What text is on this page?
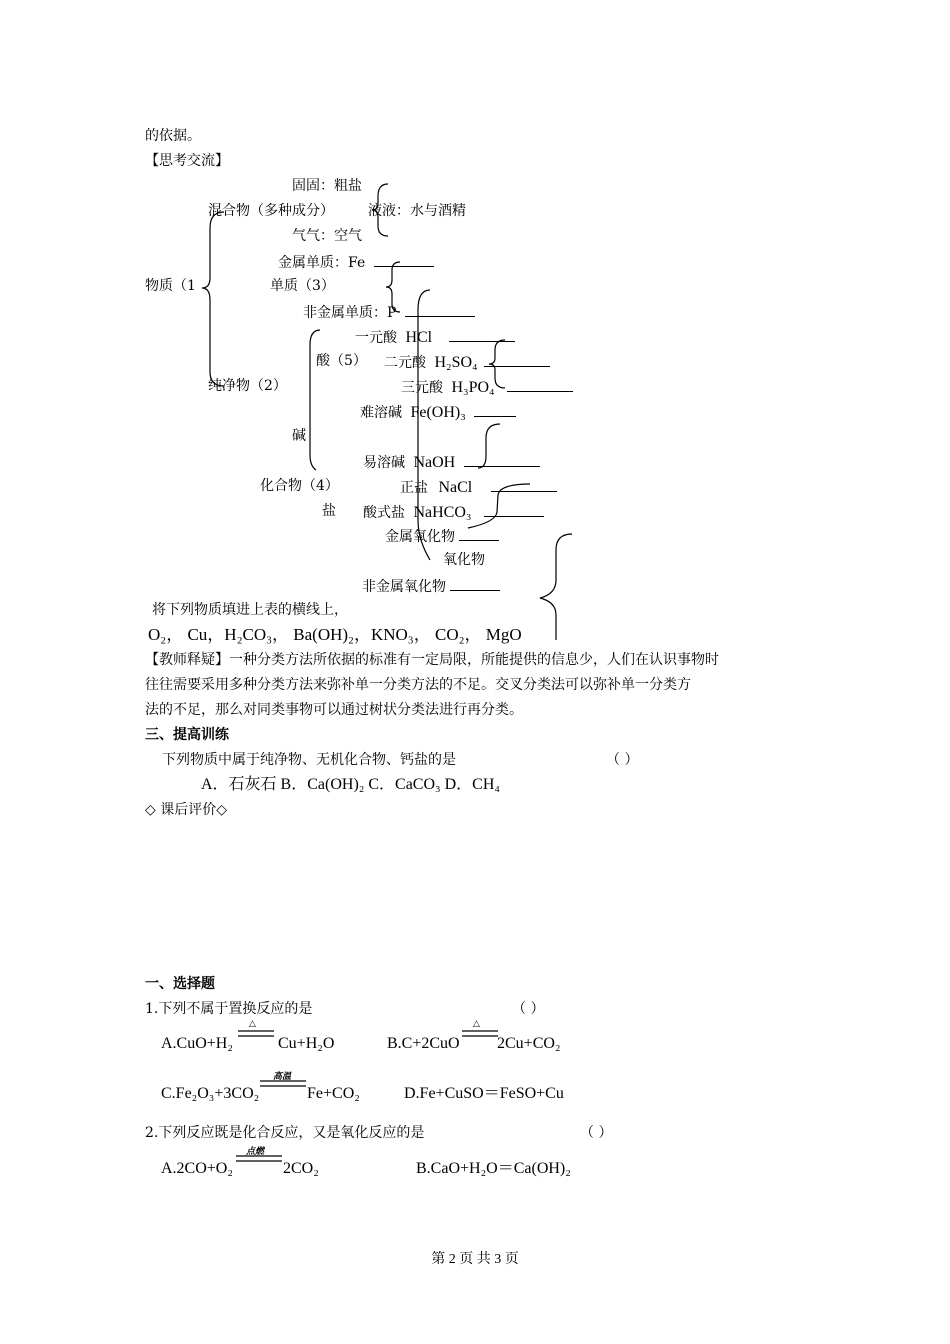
的依据。
【思考交流】
固固：粗盐
混合物（多种成分） 液液：水与酒精
气气：空气
金属单质：Fe
物质（1	单质（3）
非金属单质：P
一元酸 HCl
酸（5） 二元酸 H₂SO₄
纯净物（2）	三元酸 H₃PO₄
难溶碱 Fe(OH)₃
碱
易溶碱 NaOH
化合物（4）	正盐 NaCl
盐 酸式盐 NaHCO₃
金属氧化物
氧化物
非金属氧化物
将下列物质填进上表的横线上，
O₂， Cu，H₂CO₃， Ba(OH)₂，KNO₃， CO₂， MgO
【教师释疑】一种分类方法所依据的标准有一定局限，所能提供的信息少，人们在认识事物时
往往需要采用多种分类方法来弥补单一分类方法的不足。交叉分类法可以弥补单一分类方
法的不足，那么对同类事物可以通过树状分类法进行再分类。
三、提高训练
下列物质中属于纯净物、无机化合物、钙盐的是	（ ）
A．石灰石 B．Ca(OH)₂ C．CaCO₃ D．CH₄
◇ 课后评价◇
一、选择题
1.下列不属于置换反应的是	（ ）
A.CuO+H₂
△
Cu+H₂O	B.C+2CuO
△
2Cu+CO₂
C.Fe₂O₃+3CO₂
高温
Fe+CO₂	D.Fe+CuSO＝FeSO+Cu
2.下列反应既是化合反应，又是氧化反应的是	（ ）
A.2CO+O₂
点燃
2CO₂	B.CaO+H₂O＝Ca(OH)₂
第 2 页 共 3 页
